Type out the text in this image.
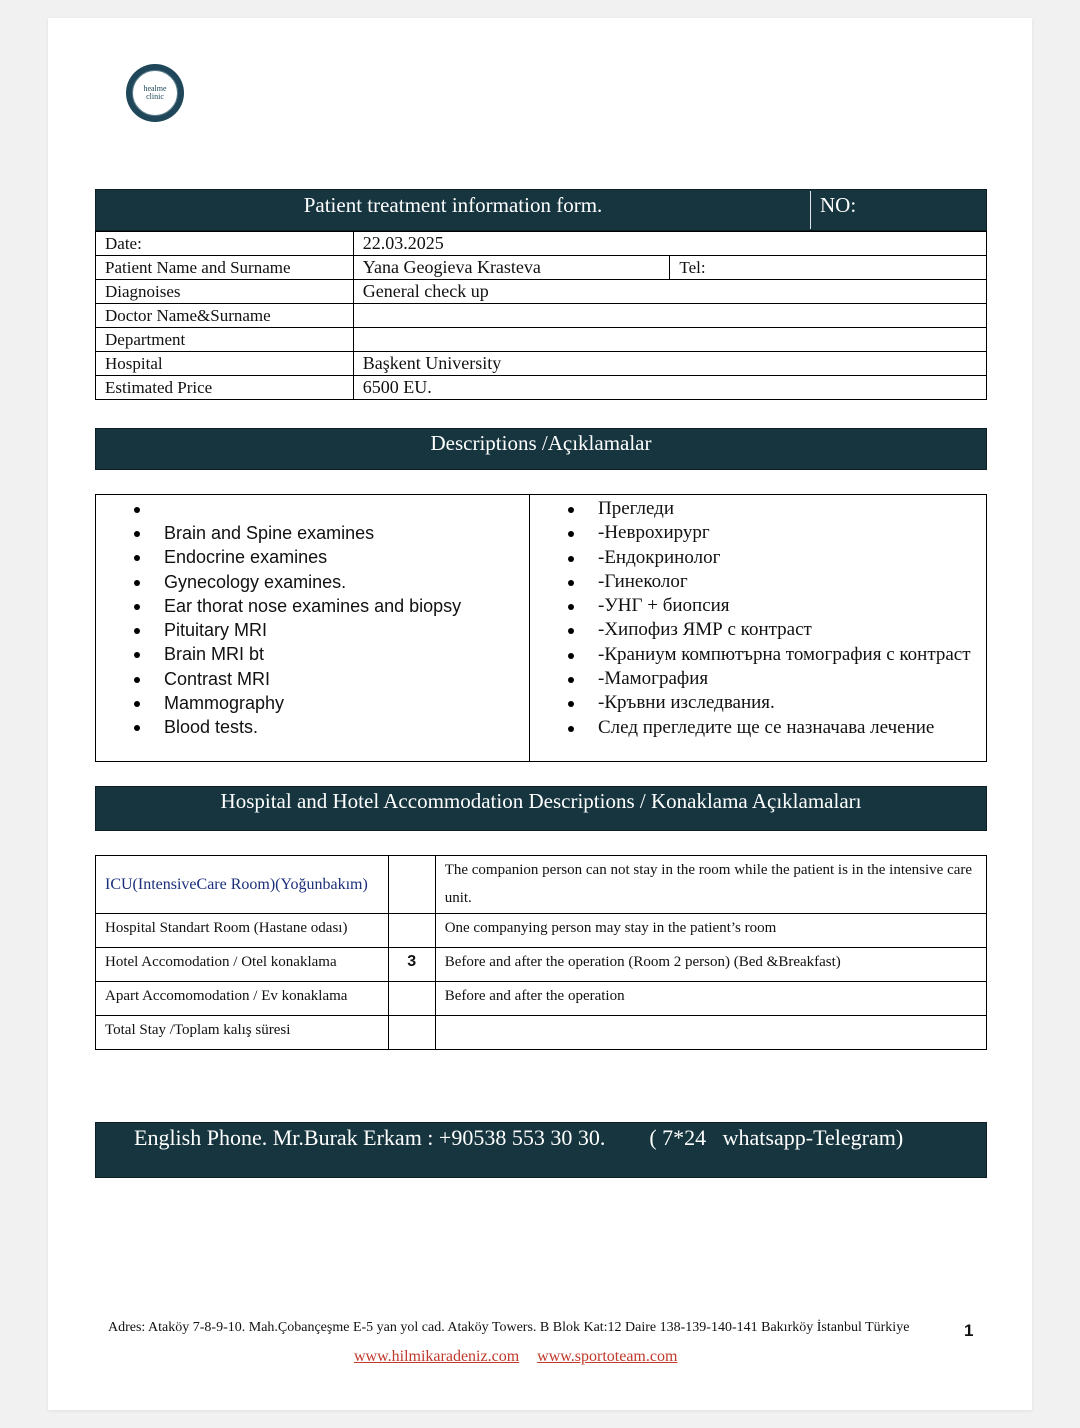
healme
clinic
Patient treatment information form.	NO:
Date:	22.03.2025	
Patient Name and Surname	Yana Geogieva Krasteva	Tel:
Diagnoises	General check up	
Doctor Name&Surname		
Department		
Hospital	Başkent University	
Estimated Price	6500 EU.	
Descriptions /Açıklamalar
Brain and Spine examines
Endocrine examines
Gynecology examines.
Ear thorat nose examines and biopsy
Pituitary MRI
Brain MRI bt
Contrast MRI
Mammography
Blood tests.
Прегледи
-Неврохирург
-Ендокринолог
-Гинеколог
-УНГ + биопсия
-Хипофиз ЯМР с контраст
-Краниум компютърна томография с контраст
-Мамография
-Кръвни изследвания.
След прегледите ще се назначава лечение
Hospital and Hotel Accommodation Descriptions / Konaklama Açıklamaları
ICU(IntensiveCare Room)(Yoğunbakım)		The companion person can not stay in the room while the patient is in the intensive care unit.
Hospital Standart Room (Hastane odası)		One companying person may stay in the patient’s room
Hotel Accomodation / Otel konaklama	3	Before and after the operation (Room 2 person) (Bed &Breakfast)
Apart Accomomodation / Ev konaklama		Before and after the operation
Total Stay /Toplam kalış süresi		
English Phone. Mr.Burak Erkam : +90538 553 30 30.        ( 7*24   whatsapp-Telegram)
Adres: Ataköy 7-8-9-10. Mah.Çobançeşme E-5 yan yol cad. Ataköy Towers. B Blok Kat:12 Daire 138-139-140-141 Bakırköy İstanbul Türkiye	1
www.hilmikaradeniz.com www.sportoteam.com
